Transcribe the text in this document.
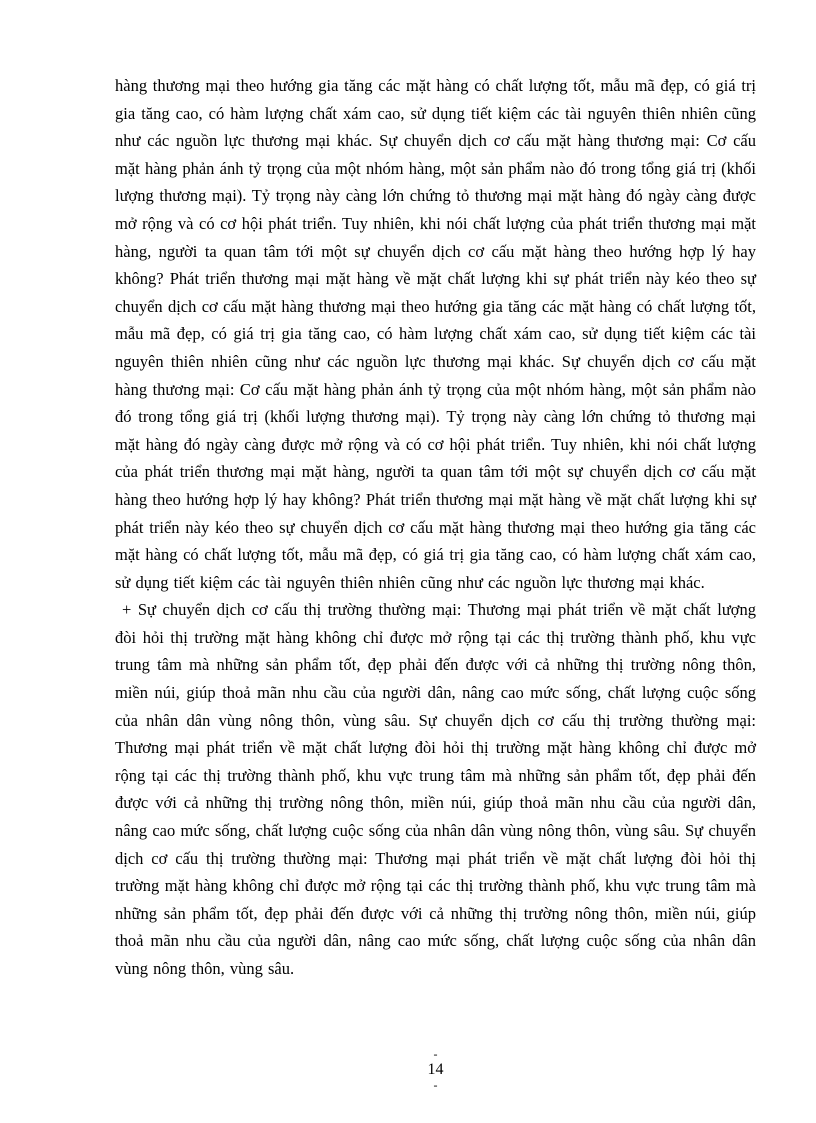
hàng thương mại theo hướng gia tăng các mặt hàng có chất lượng tốt, mẫu mã đẹp, có giá trị gia tăng cao, có hàm lượng chất xám cao, sử dụng tiết kiệm các tài nguyên thiên nhiên cũng như các nguồn lực thương mại khác. Sự chuyển dịch cơ cấu mặt hàng thương mại: Cơ cấu mặt hàng phản ánh tỷ trọng của một nhóm hàng, một sản phẩm nào đó trong tổng giá trị (khối lượng thương mại). Tỷ trọng này càng lớn chứng tỏ thương mại mặt hàng đó ngày càng được mở rộng và có cơ hội phát triển. Tuy nhiên, khi nói chất lượng của phát triển thương mại mặt hàng, người ta quan tâm tới một sự chuyển dịch cơ cấu mặt hàng theo hướng hợp lý hay không? Phát triển thương mại mặt hàng về mặt chất lượng khi sự phát triển này kéo theo sự chuyển dịch cơ cấu mặt hàng thương mại theo hướng gia tăng các mặt hàng có chất lượng tốt, mẫu mã đẹp, có giá trị gia tăng cao, có hàm lượng chất xám cao, sử dụng tiết kiệm các tài nguyên thiên nhiên cũng như các nguồn lực thương mại khác. Sự chuyển dịch cơ cấu mặt hàng thương mại: Cơ cấu mặt hàng phản ánh tỷ trọng của một nhóm hàng, một sản phẩm nào đó trong tổng giá trị (khối lượng thương mại). Tỷ trọng này càng lớn chứng tỏ thương mại mặt hàng đó ngày càng được mở rộng và có cơ hội phát triển. Tuy nhiên, khi nói chất lượng của phát triển thương mại mặt hàng, người ta quan tâm tới một sự chuyển dịch cơ cấu mặt hàng theo hướng hợp lý hay không? Phát triển thương mại mặt hàng về mặt chất lượng khi sự phát triển này kéo theo sự chuyển dịch cơ cấu mặt hàng thương mại theo hướng gia tăng các mặt hàng có chất lượng tốt, mẫu mã đẹp, có giá trị gia tăng cao, có hàm lượng chất xám cao, sử dụng tiết kiệm các tài nguyên thiên nhiên cũng như các nguồn lực thương mại khác.

+ Sự chuyển dịch cơ cấu thị trường thường mại: Thương mại phát triển về mặt chất lượng đòi hỏi thị trường mặt hàng không chỉ được mở rộng tại các thị trường thành phố, khu vực trung tâm mà những sản phẩm tốt, đẹp phải đến được với cả những thị trường nông thôn, miền núi, giúp thoả mãn nhu cầu của người dân, nâng cao mức sống, chất lượng cuộc sống của nhân dân vùng nông thôn, vùng sâu. Sự chuyển dịch cơ cấu thị trường thường mại: Thương mại phát triển về mặt chất lượng đòi hỏi thị trường mặt hàng không chỉ được mở rộng tại các thị trường thành phố, khu vực trung tâm mà những sản phẩm tốt, đẹp phải đến được với cả những thị trường nông thôn, miền núi, giúp thoả mãn nhu cầu của người dân, nâng cao mức sống, chất lượng cuộc sống của nhân dân vùng nông thôn, vùng sâu. Sự chuyển dịch cơ cấu thị trường thường mại: Thương mại phát triển về mặt chất lượng đòi hỏi thị trường mặt hàng không chỉ được mở rộng tại các thị trường thành phố, khu vực trung tâm mà những sản phẩm tốt, đẹp phải đến được với cả những thị trường nông thôn, miền núi, giúp thoả mãn nhu cầu của người dân, nâng cao mức sống, chất lượng cuộc sống của nhân dân vùng nông thôn, vùng sâu.

-
14
-
